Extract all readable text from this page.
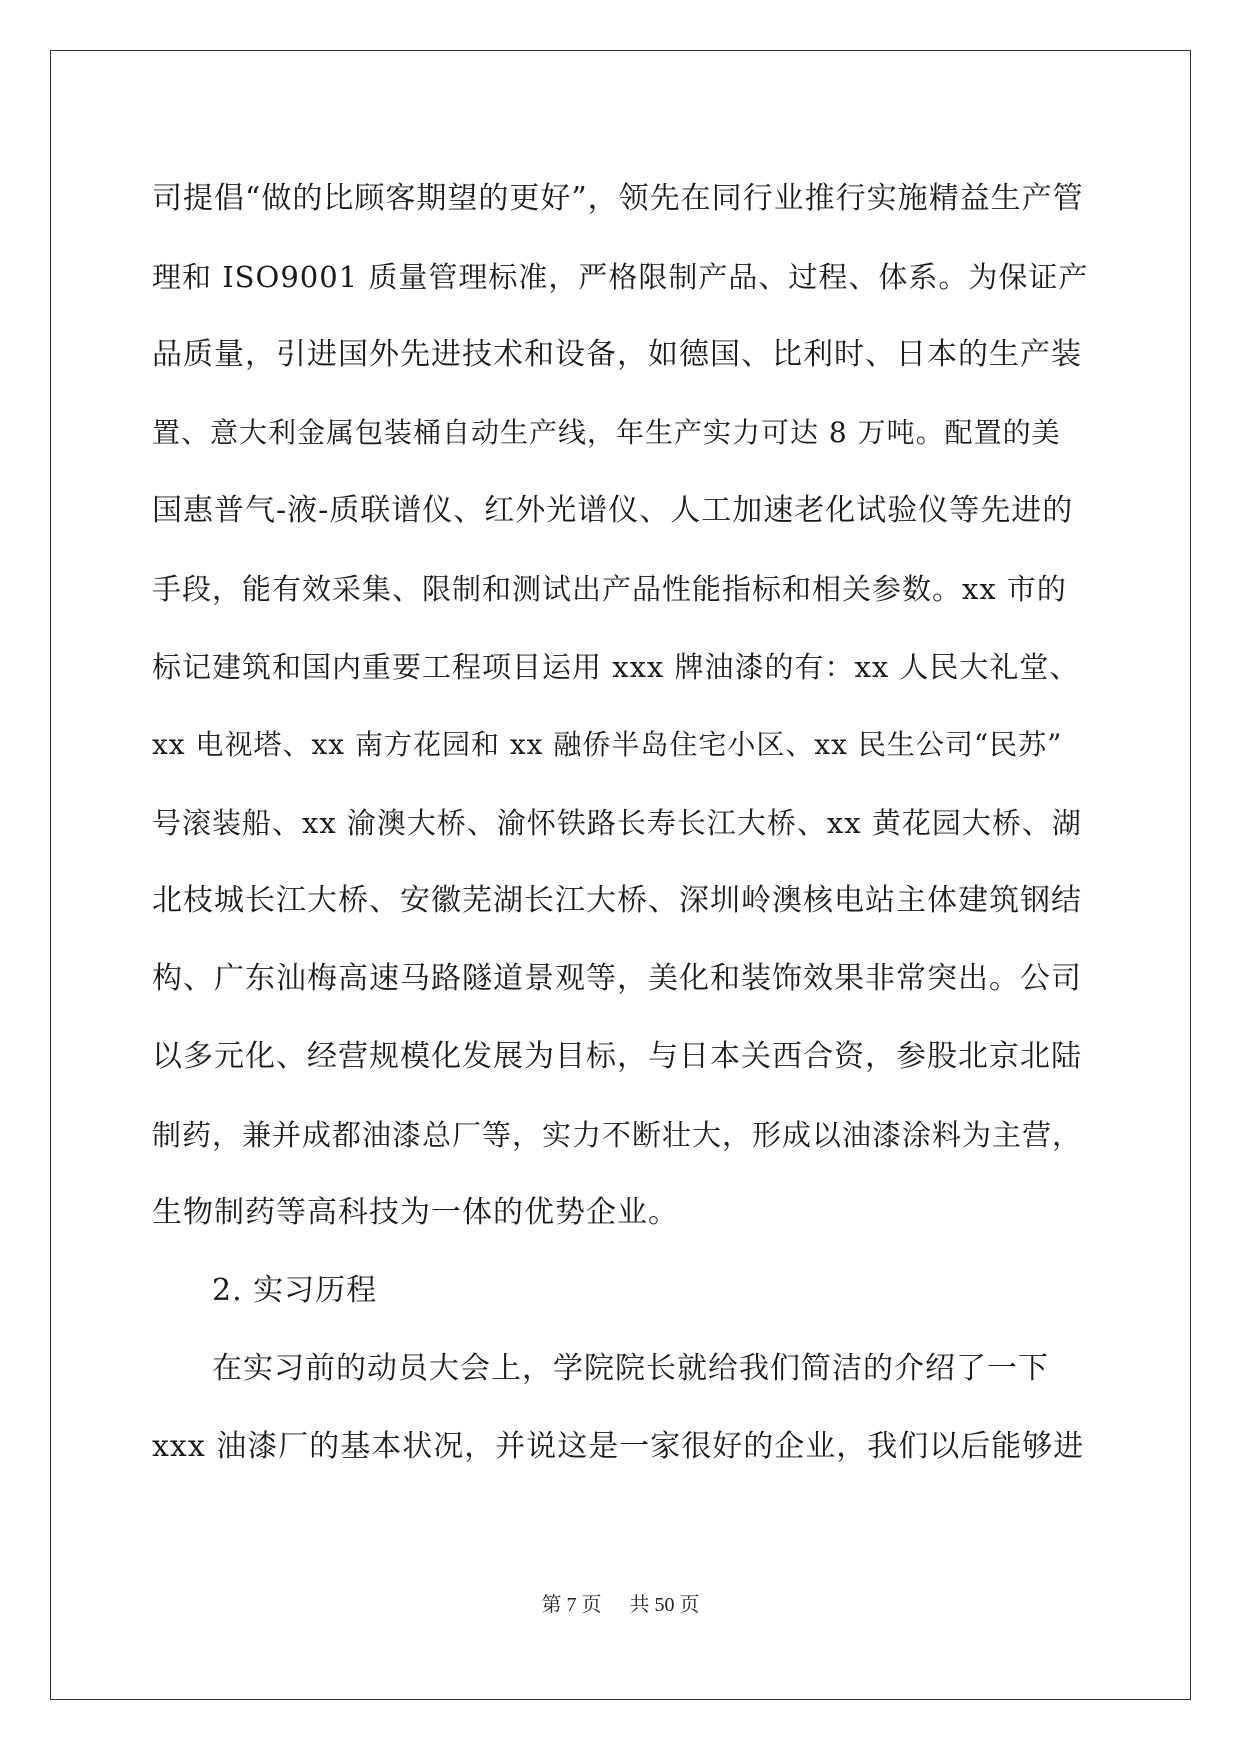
司提倡“做的比顾客期望的更好”，领先在同行业推行实施精益生产管
理和 ISO9001 质量管理标准，严格限制产品、过程、体系。为保证产
品质量，引进国外先进技术和设备，如德国、比利时、日本的生产装
置、意大利金属包装桶自动生产线，年生产实力可达 8 万吨。配置的美
国惠普气-液-质联谱仪、红外光谱仪、人工加速老化试验仪等先进的
手段，能有效采集、限制和测试出产品性能指标和相关参数。xx 市的
标记建筑和国内重要工程项目运用 xxx 牌油漆的有：xx 人民大礼堂、
xx 电视塔、xx 南方花园和 xx 融侨半岛住宅小区、xx 民生公司“民苏”
号滚装船、xx 渝澳大桥、渝怀铁路长寿长江大桥、xx 黄花园大桥、湖
北枝城长江大桥、安徽芜湖长江大桥、深圳岭澳核电站主体建筑钢结
构、广东汕梅高速马路隧道景观等，美化和装饰效果非常突出。公司
以多元化、经营规模化发展为目标，与日本关西合资，参股北京北陆
制药，兼并成都油漆总厂等，实力不断壮大，形成以油漆涂料为主营，
生物制药等高科技为一体的优势企业。
2. 实习历程
在实习前的动员大会上，学院院长就给我们简洁的介绍了一下
xxx 油漆厂的基本状况，并说这是一家很好的企业，我们以后能够进
第 7 页 共 50 页
